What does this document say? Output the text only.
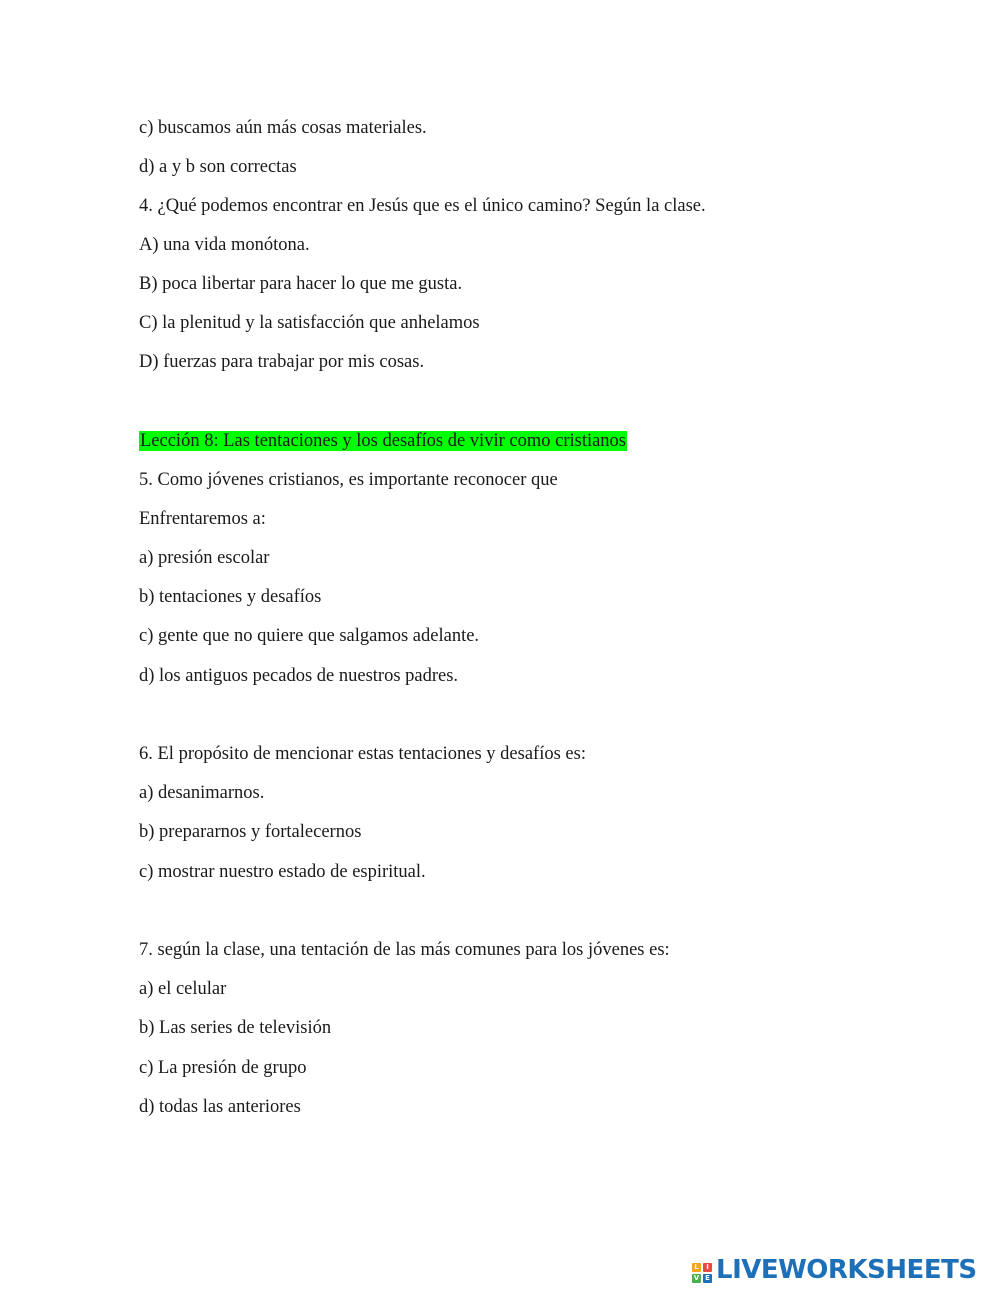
c) buscamos aún más cosas materiales.
d) a y b son correctas
4. ¿Qué podemos encontrar en Jesús que es el único camino? Según la clase.
A) una vida monótona.
B) poca libertar para hacer lo que me gusta.
C) la plenitud y la satisfacción que anhelamos
D) fuerzas para trabajar por mis cosas.
Lección 8: Las tentaciones y los desafíos de vivir como cristianos
5. Como jóvenes cristianos, es importante reconocer que
Enfrentaremos a:
a) presión escolar
b) tentaciones y desafíos
c) gente que no quiere que salgamos adelante.
d) los antiguos pecados de nuestros padres.
6. El propósito de mencionar estas tentaciones y desafíos es:
a) desanimarnos.
b) prepararnos y fortalecernos
c) mostrar nuestro estado de espiritual.
7. según la clase, una tentación de las más comunes para los jóvenes es:
a) el celular
b) Las series de televisión
c) La presión de grupo
d) todas las anteriores
L	I
V E LIVEWORKSHEETS
